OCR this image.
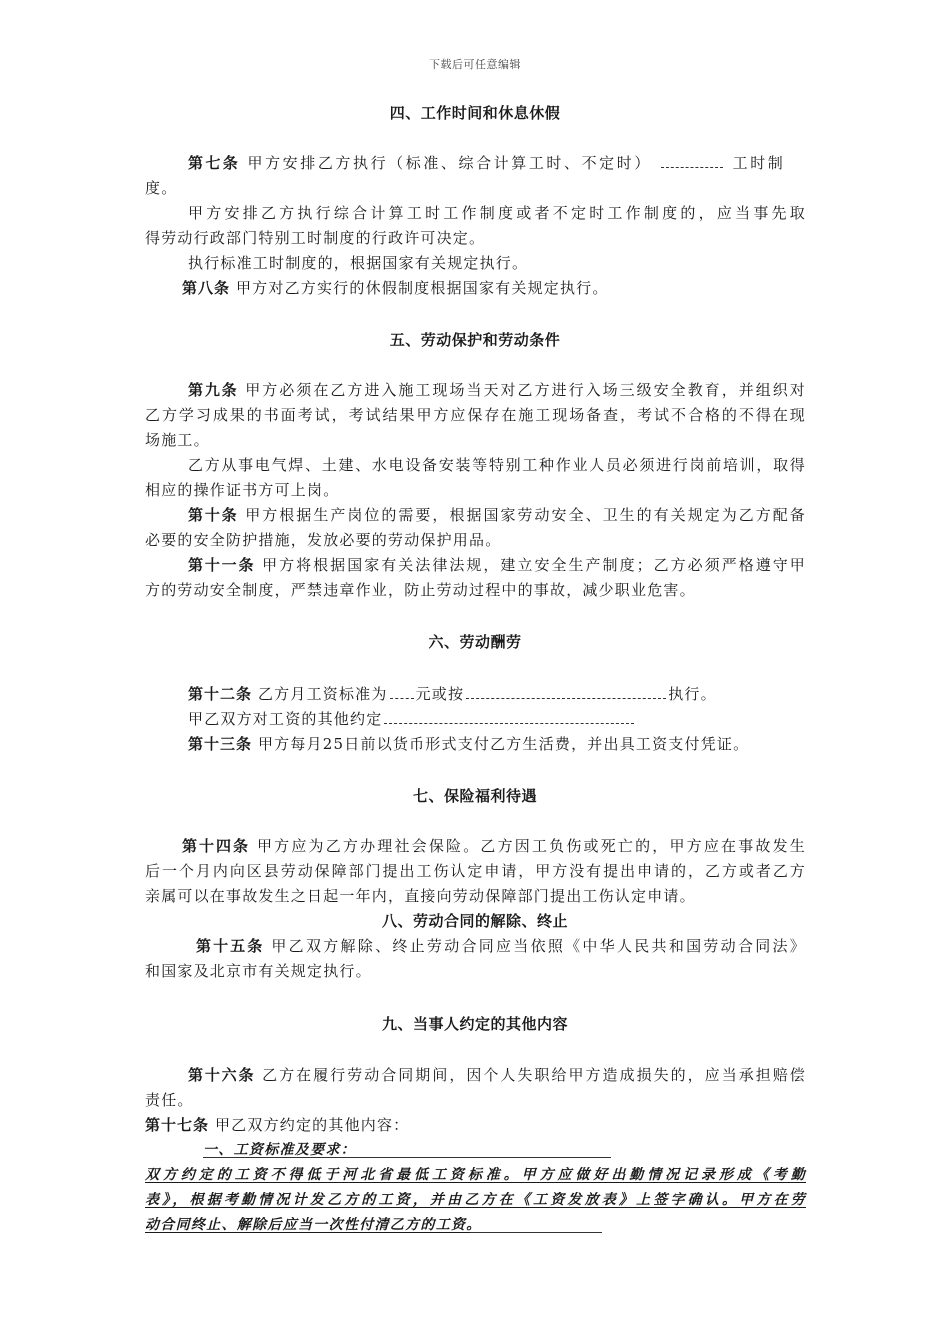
下载后可任意编辑
四、工作时间和休息休假
第七条 甲方安排乙方执行（标准、综合计算工时、不定时）	工时制
度。
甲方安排乙方执行综合计算工时工作制度或者不定时工作制度的，应当事先取
得劳动行政部门特别工时制度的行政许可决定。
执行标准工时制度的，根据国家有关规定执行。
第八条 甲方对乙方实行的休假制度根据国家有关规定执行。
五、劳动保护和劳动条件
第九条 甲方必须在乙方进入施工现场当天对乙方进行入场三级安全教育，并组织对
乙方学习成果的书面考试，考试结果甲方应保存在施工现场备查，考试不合格的不得在现
场施工。
乙方从事电气焊、土建、水电设备安装等特别工种作业人员必须进行岗前培训，取得
相应的操作证书方可上岗。
第十条 甲方根据生产岗位的需要，根据国家劳动安全、卫生的有关规定为乙方配备
必要的安全防护措施，发放必要的劳动保护用品。
第十一条 甲方将根据国家有关法律法规，建立安全生产制度；乙方必须严格遵守甲
方的劳动安全制度，严禁违章作业，防止劳动过程中的事故，减少职业危害。
六、劳动酬劳
第十二条 乙方月工资标准为 元或按	执行。
甲乙双方对工资的其他约定
第十三条 甲方每月25日前以货币形式支付乙方生活费，并出具工资支付凭证。
七、保险福利待遇
第十四条 甲方应为乙方办理社会保险。乙方因工负伤或死亡的，甲方应在事故发生
后一个月内向区县劳动保障部门提出工伤认定申请，甲方没有提出申请的，乙方或者乙方
亲属可以在事故发生之日起一年内，直接向劳动保障部门提出工伤认定申请。
八、劳动合同的解除、终止
第十五条 甲乙双方解除、终止劳动合同应当依照《中华人民共和国劳动合同法》
和国家及北京市有关规定执行。
九、当事人约定的其他内容
第十六条 乙方在履行劳动合同期间，因个人失职给甲方造成损失的，应当承担赔偿
责任。
第十七条 甲乙双方约定的其他内容：
一、工资标准及要求：
双方约定的工资不得低于河北省最低工资标准。甲方应做好出勤情况记录形成《考勤
表》，根据考勤情况计发乙方的工资，并由乙方在《工资发放表》上签字确认。甲方在劳
动合同终止、解除后应当一次性付清乙方的工资。
